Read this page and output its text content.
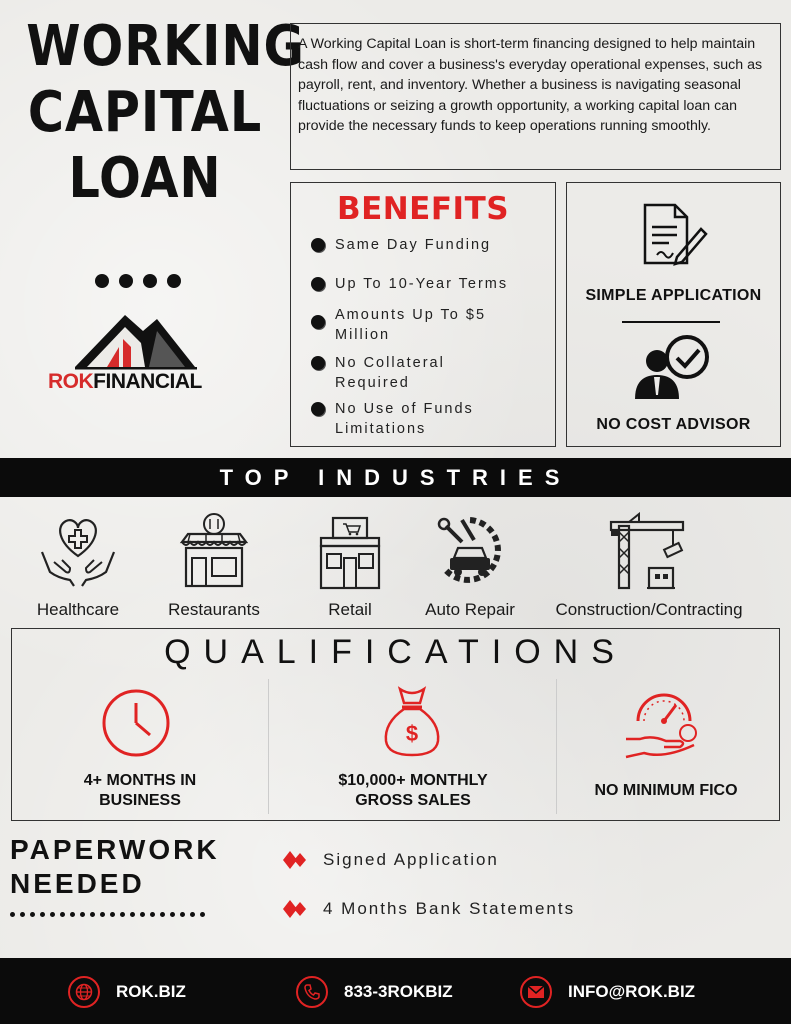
WORKING
CAPITAL
LOAN
ROKFINANCIAL
A Working Capital Loan is short-term financing designed to help maintain cash flow and cover a business's everyday operational expenses, such as payroll, rent, and inventory. Whether a business is navigating seasonal fluctuations or seizing a growth opportunity, a working capital loan can provide the necessary funds to keep operations running smoothly.
BENEFITS
Same Day Funding
Up To 10-Year Terms
Amounts Up To $5 Million
No Collateral Required
No Use of Funds Limitations
SIMPLE APPLICATION
NO COST ADVISOR
TOP INDUSTRIES
Healthcare	Restaurants	Retail	Auto Repair	Construction/Contracting
QUALIFICATIONS
4+ MONTHS IN
BUSINESS
$
$10,000+ MONTHLY
GROSS SALES
NO MINIMUM FICO
PAPERWORK
NEEDED
Signed Application
4 Months Bank Statements
ROK.BIZ	833-3ROKBIZ	INFO@ROK.BIZ
